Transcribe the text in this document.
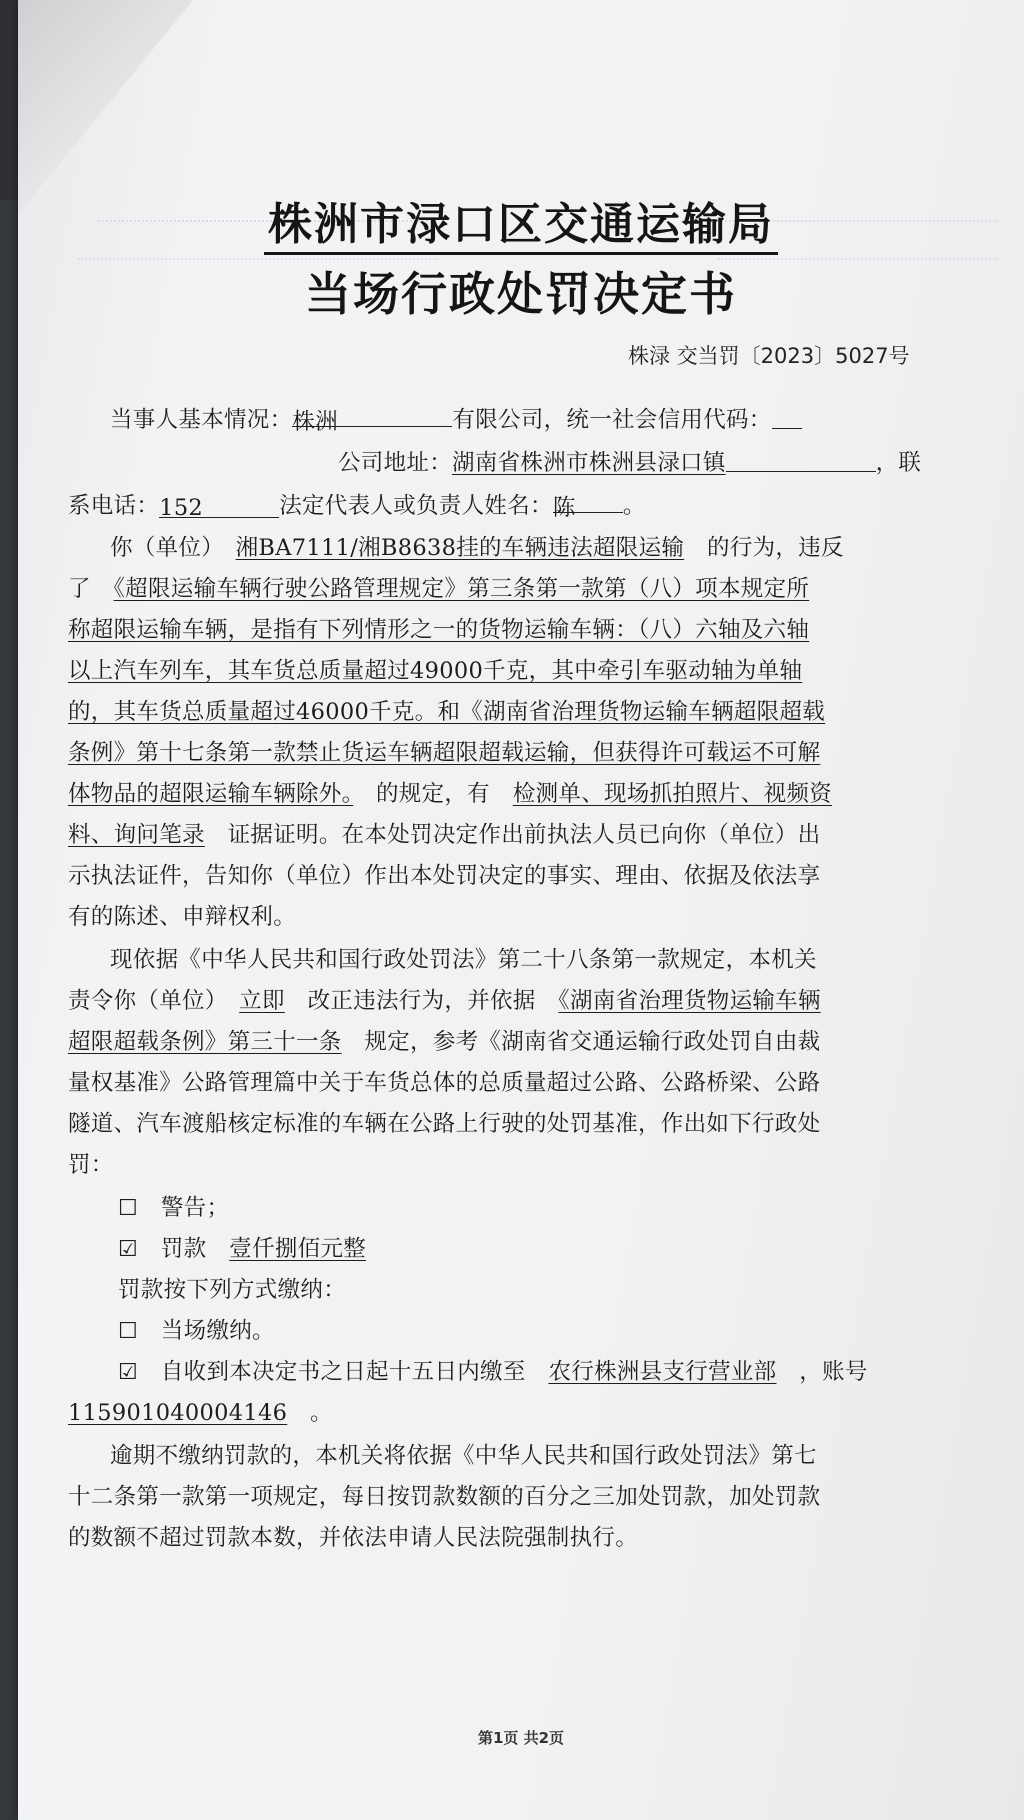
株洲市渌口区交通运输局
当场行政处罚决定书
株渌 交当罚〔2023〕5027号
当事人基本情况：株洲	有限公司，统一社会信用代码：
公司地址：湖南省株洲市株洲县渌口镇	，联
系电话：152	法定代表人或负责人姓名：陈 。
你（单位）　 湘BA7111/湘B8638挂的车辆违法超限运输　 的行为，违反
了　 《超限运输车辆行驶公路管理规定》第三条第一款第（八）项本规定所
称超限运输车辆，是指有下列情形之一的货物运输车辆：（八）六轴及六轴
以上汽车列车，其车货总质量超过49000千克，其中牵引车驱动轴为单轴
的，其车货总质量超过46000千克。和《湖南省治理货物运输车辆超限超载
条例》第十七条第一款禁止货运车辆超限超载运输，但获得许可载运不可解
体物品的超限运输车辆除外。　 的规定，有　 检测单、现场抓拍照片、视频资
料、询问笔录　 证据证明。在本处罚决定作出前执法人员已向你（单位）出
示执法证件，告知你（单位）作出本处罚决定的事实、理由、依据及依法享
有的陈述、申辩权利。
现依据《中华人民共和国行政处罚法》第二十八条第一款规定，本机关
责令你（单位）　 立即　 改正违法行为，并依据　 《湖南省治理货物运输车辆
超限超载条例》第三十一条　 规定，参考《湖南省交通运输行政处罚自由裁
量权基准》公路管理篇中关于车货总体的总质量超过公路、公路桥梁、公路
隧道、汽车渡船核定标准的车辆在公路上行驶的处罚基准，作出如下行政处
罚：
☐　 警告；
☑　 罚款　 壹仟捌佰元整
罚款按下列方式缴纳：
☐　 当场缴纳。
☑　 自收到本决定书之日起十五日内缴至　 农行株洲县支行营业部　 ，账号
115901040004146　 。
逾期不缴纳罚款的，本机关将依据《中华人民共和国行政处罚法》第七
十二条第一款第一项规定，每日按罚款数额的百分之三加处罚款，加处罚款
的数额不超过罚款本数，并依法申请人民法院强制执行。
第1页 共2页
